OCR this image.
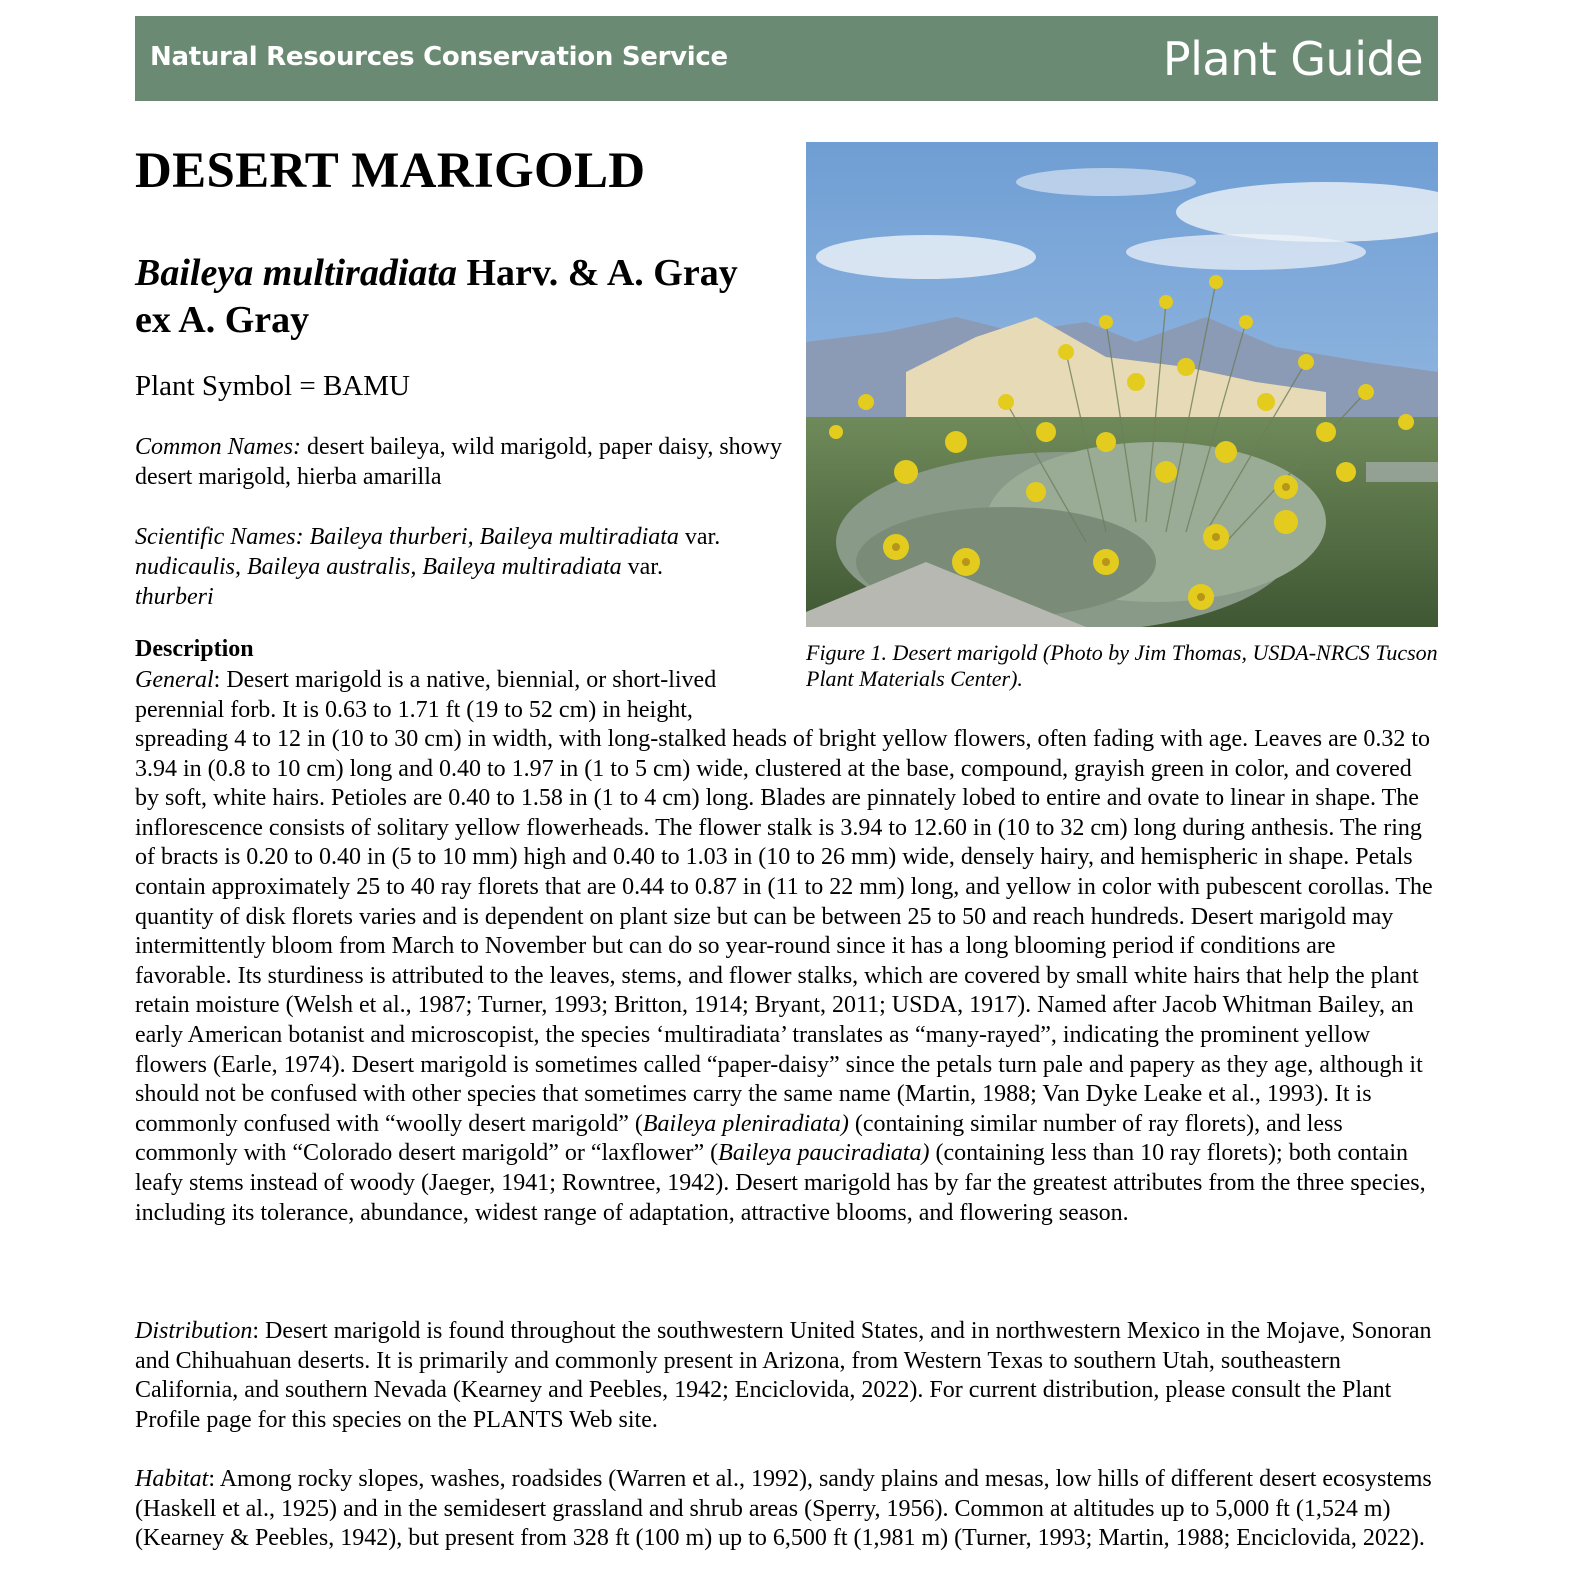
Natural Resources Conservation Service	Plant Guide
DESERT MARIGOLD
Baileya multiradiata Harv. & A. Gray ex A. Gray
Plant Symbol = BAMU
Common Names: desert baileya, wild marigold, paper daisy, showy desert marigold, hierba amarilla
Scientific Names: Baileya thurberi, Baileya multiradiata var.
nudicaulis, Baileya australis, Baileya multiradiata var.
thurberi
Figure 1. Desert marigold (Photo by Jim Thomas, USDA-NRCS Tucson Plant Materials Center).
Description
General: Desert marigold is a native, biennial, or short-lived
perennial forb. It is 0.63 to 1.71 ft (19 to 52 cm) in height,
spreading 4 to 12 in (10 to 30 cm) in width, with long-stalked heads of bright yellow flowers, often fading with age. Leaves are 0.32 to 3.94 in (0.8 to 10 cm) long and 0.40 to 1.97 in (1 to 5 cm) wide, clustered at the base, compound, grayish green in color, and covered by soft, white hairs. Petioles are 0.40 to 1.58 in (1 to 4 cm) long. Blades are pinnately lobed to entire and ovate to linear in shape. The inflorescence consists of solitary yellow flowerheads. The flower stalk is 3.94 to 12.60 in (10 to 32 cm) long during anthesis. The ring of bracts is 0.20 to 0.40 in (5 to 10 mm) high and 0.40 to 1.03 in (10 to 26 mm) wide, densely hairy, and hemispheric in shape. Petals contain approximately 25 to 40 ray florets that are 0.44 to 0.87 in (11 to 22 mm) long, and yellow in color with pubescent corollas. The quantity of disk florets varies and is dependent on plant size but can be between 25 to 50 and reach hundreds. Desert marigold may intermittently bloom from March to November but can do so year-round since it has a long blooming period if conditions are favorable. Its sturdiness is attributed to the leaves, stems, and flower stalks, which are covered by small white hairs that help the plant retain moisture (Welsh et al., 1987; Turner, 1993; Britton, 1914; Bryant, 2011; USDA, 1917). Named after Jacob Whitman Bailey, an early American botanist and microscopist, the species ‘multiradiata’ translates as “many-rayed”, indicating the prominent yellow flowers (Earle, 1974). Desert marigold is sometimes called “paper-daisy” since the petals turn pale and papery as they age, although it should not be confused with other species that sometimes carry the same name (Martin, 1988; Van Dyke Leake et al., 1993). It is commonly confused with “woolly desert marigold” (Baileya pleniradiata) (containing similar number of ray florets), and less commonly with “Colorado desert marigold” or “laxflower” (Baileya pauciradiata) (containing less than 10 ray florets); both contain leafy stems instead of woody (Jaeger, 1941; Rowntree, 1942). Desert marigold has by far the greatest attributes from the three species, including its tolerance, abundance, widest range of adaptation, attractive blooms, and flowering season.
Distribution: Desert marigold is found throughout the southwestern United States, and in northwestern Mexico in the Mojave, Sonoran and Chihuahuan deserts. It is primarily and commonly present in Arizona, from Western Texas to southern Utah, southeastern California, and southern Nevada (Kearney and Peebles, 1942; Enciclovida, 2022). For current distribution, please consult the Plant Profile page for this species on the PLANTS Web site.
Habitat: Among rocky slopes, washes, roadsides (Warren et al., 1992), sandy plains and mesas, low hills of different desert ecosystems (Haskell et al., 1925) and in the semidesert grassland and shrub areas (Sperry, 1956). Common at altitudes up to 5,000 ft (1,524 m) (Kearney & Peebles, 1942), but present from 328 ft (100 m) up to 6,500 ft (1,981 m) (Turner, 1993; Martin, 1988; Enciclovida, 2022).
